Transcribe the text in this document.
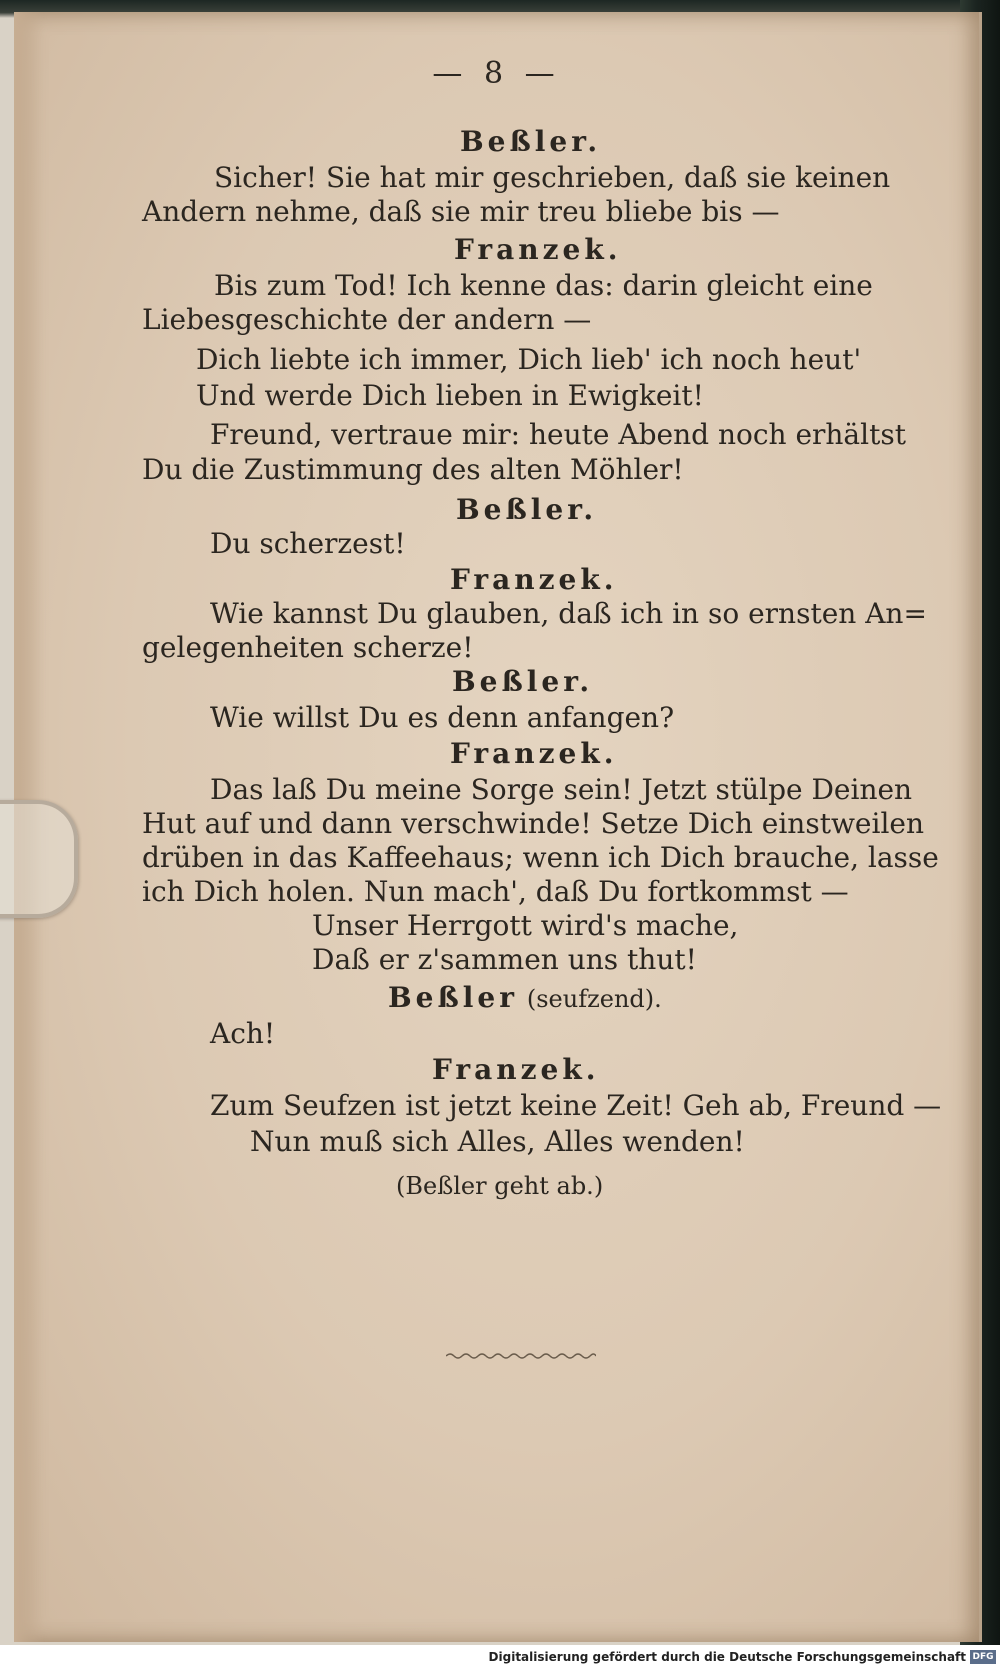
— 8 —
Beßler.
Sicher! Sie hat mir geschrieben, daß sie keinen
Andern nehme, daß sie mir treu bliebe bis —
Franzek.
Bis zum Tod! Ich kenne das: darin gleicht eine
Liebesgeschichte der andern —
Dich liebte ich immer, Dich lieb' ich noch heut'
Und werde Dich lieben in Ewigkeit!
Freund, vertraue mir: heute Abend noch erhältst
Du die Zustimmung des alten Möhler!
Beßler.
Du scherzest!
Franzek.
Wie kannst Du glauben, daß ich in so ernsten An=
gelegenheiten scherze!
Beßler.
Wie willst Du es denn anfangen?
Franzek.
Das laß Du meine Sorge sein! Jetzt stülpe Deinen
Hut auf und dann verschwinde! Setze Dich einstweilen
drüben in das Kaffeehaus; wenn ich Dich brauche, lasse
ich Dich holen. Nun mach', daß Du fortkommst —
Unser Herrgott wird's mache,
Daß er z'sammen uns thut!
Beßler (seufzend).
Ach!
Franzek.
Zum Seufzen ist jetzt keine Zeit! Geh ab, Freund —
Nun muß sich Alles, Alles wenden!
(Beßler geht ab.)
Digitalisierung gefördert durch die Deutsche Forschungsgemeinschaft DFG
